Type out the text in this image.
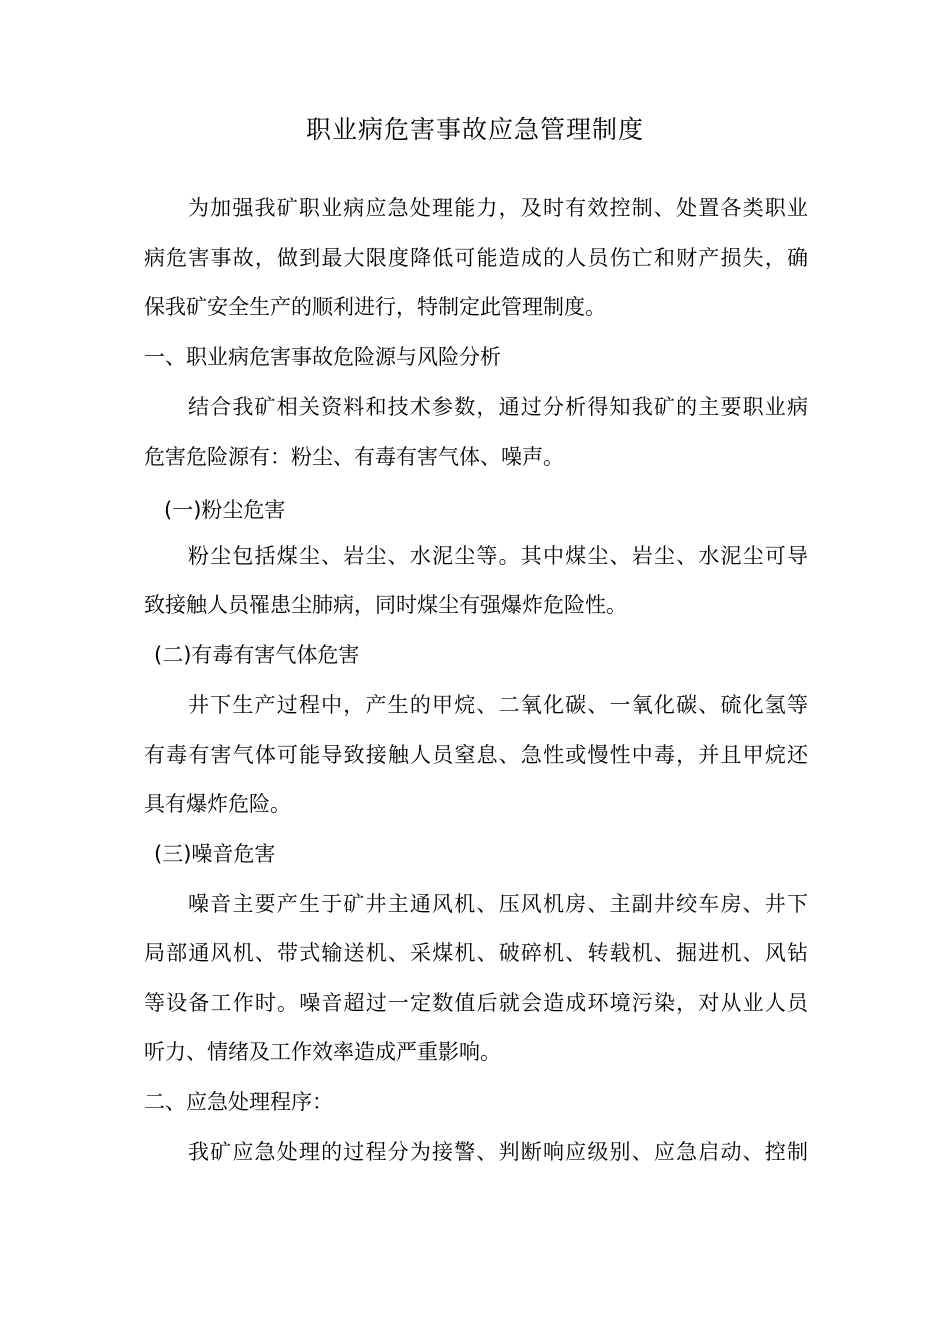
职业病危害事故应急管理制度
为加强我矿职业病应急处理能力，及时有效控制、处置各类职业
病危害事故，做到最大限度降低可能造成的人员伤亡和财产损失，确
保我矿安全生产的顺利进行，特制定此管理制度。
一、职业病危害事故危险源与风险分析
结合我矿相关资料和技术参数，通过分析得知我矿的主要职业病
危害危险源有：粉尘、有毒有害气体、噪声。
(一)粉尘危害
粉尘包括煤尘、岩尘、水泥尘等。其中煤尘、岩尘、水泥尘可导
致接触人员罹患尘肺病，同时煤尘有强爆炸危险性。
(二)有毒有害气体危害
井下生产过程中，产生的甲烷、二氧化碳、一氧化碳、硫化氢等
有毒有害气体可能导致接触人员窒息、急性或慢性中毒，并且甲烷还
具有爆炸危险。
(三)噪音危害
噪音主要产生于矿井主通风机、压风机房、主副井绞车房、井下
局部通风机、带式输送机、采煤机、破碎机、转载机、掘进机、风钻
等设备工作时。噪音超过一定数值后就会造成环境污染，对从业人员
听力、情绪及工作效率造成严重影响。
二、应急处理程序：
我矿应急处理的过程分为接警、判断响应级别、应急启动、控制
